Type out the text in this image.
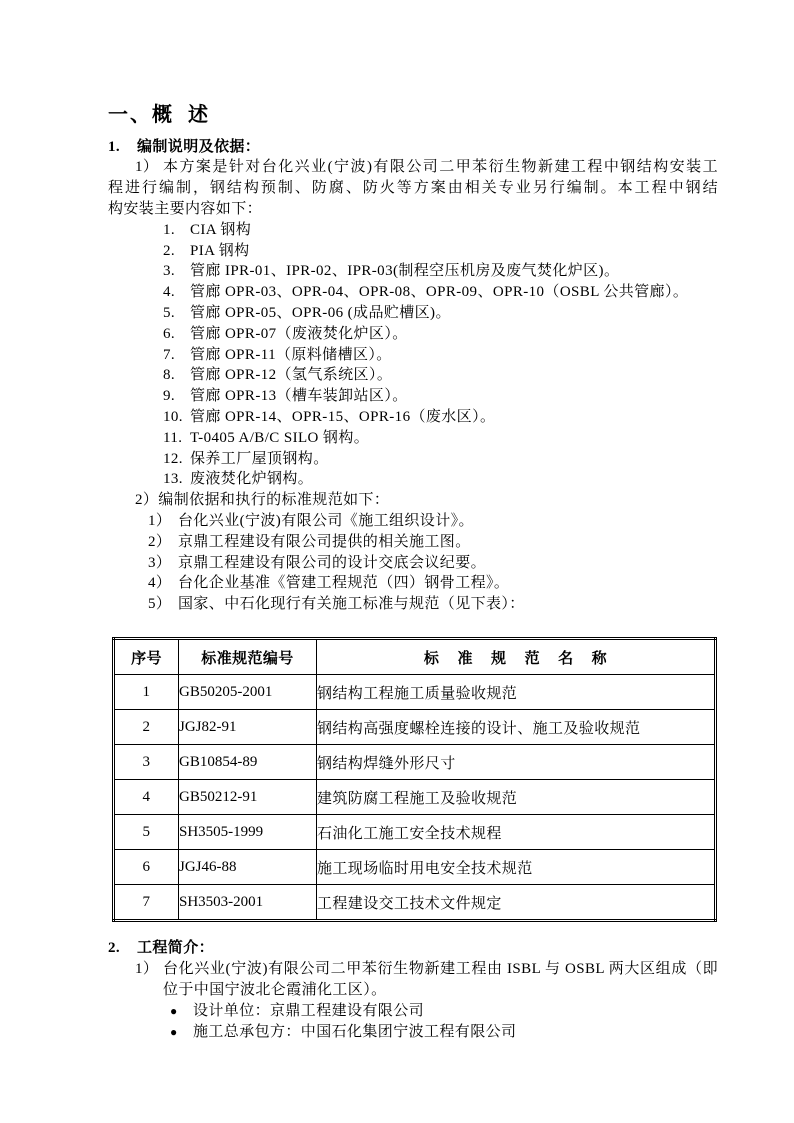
一、概 述
1.	编制说明及依据：
1） 本方案是针对台化兴业(宁波)有限公司二甲苯衍生物新建工程中钢结构安装工
程进行编制，钢结构预制、防腐、防火等方案由相关专业另行编制。本工程中钢结
构安装主要内容如下：
1. CIA 钢构
2. PIA 钢构
3. 管廊 IPR-01、IPR-02、IPR-03(制程空压机房及废气焚化炉区)。
4. 管廊 OPR-03、OPR-04、OPR-08、OPR-09、OPR-10（OSBL 公共管廊）。
5. 管廊 OPR-05、OPR-06 (成品贮槽区)。
6. 管廊 OPR-07（废液焚化炉区）。
7. 管廊 OPR-11（原料储槽区）。
8. 管廊 OPR-12（氢气系统区）。
9. 管廊 OPR-13（槽车装卸站区）。
10. 管廊 OPR-14、OPR-15、OPR-16（废水区）。
11. T-0405 A/B/C SILO 钢构。
12. 保养工厂屋顶钢构。
13. 废液焚化炉钢构。
2）编制依据和执行的标准规范如下：
1） 台化兴业(宁波)有限公司《施工组织设计》。
2） 京鼎工程建设有限公司提供的相关施工图。
3） 京鼎工程建设有限公司的设计交底会议纪要。
4） 台化企业基准《管建工程规范（四）钢骨工程》。
5） 国家、中石化现行有关施工标准与规范（见下表）：
序号	标准规范编号	标 准 规 范 名 称
1	GB50205-2001	钢结构工程施工质量验收规范
2	JGJ82-91	钢结构高强度螺栓连接的设计、施工及验收规范
3	GB10854-89	钢结构焊缝外形尺寸
4	GB50212-91	建筑防腐工程施工及验收规范
5	SH3505-1999	石油化工施工安全技术规程
6	JGJ46-88	施工现场临时用电安全技术规范
7	SH3503-2001	工程建设交工技术文件规定
2.	工程简介：
1） 台化兴业(宁波)有限公司二甲苯衍生物新建工程由 ISBL 与 OSBL 两大区组成（即
位于中国宁波北仑霞浦化工区）。
●	设计单位：京鼎工程建设有限公司
●	施工总承包方：中国石化集团宁波工程有限公司
